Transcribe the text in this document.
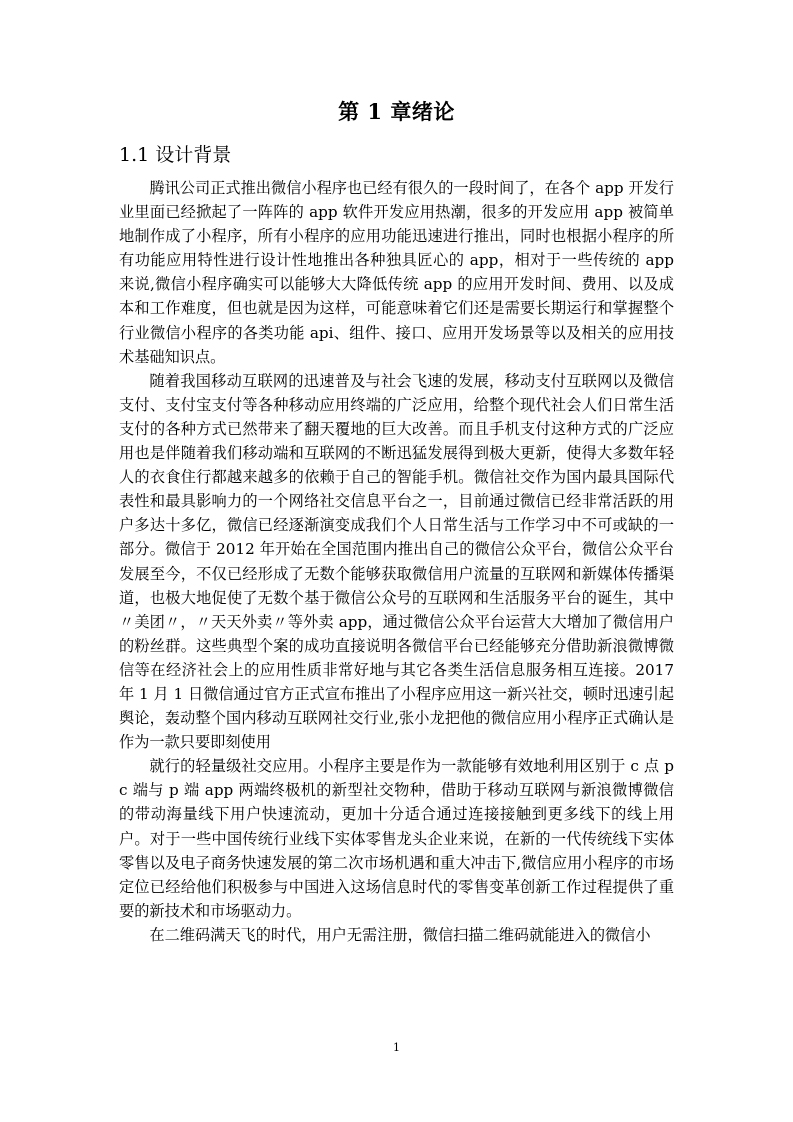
第 1 章绪论
1.1 设计背景

腾讯公司正式推出微信小程序也已经有很久的一段时间了，在各个 app 开发行业里面已经掀起了一阵阵的 app 软件开发应用热潮，很多的开发应用 app 被简单地制作成了小程序，所有小程序的应用功能迅速进行推出，同时也根据小程序的所有功能应用特性进行设计性地推出各种独具匠心的 app，相对于一些传统的 app 来说,微信小程序确实可以能够大大降低传统 app 的应用开发时间、费用、以及成本和工作难度，但也就是因为这样，可能意味着它们还是需要长期运行和掌握整个行业微信小程序的各类功能 api、组件、接口、应用开发场景等以及相关的应用技术基础知识点。

随着我国移动互联网的迅速普及与社会飞速的发展，移动支付互联网以及微信支付、支付宝支付等各种移动应用终端的广泛应用，给整个现代社会人们日常生活支付的各种方式已然带来了翻天覆地的巨大改善。而且手机支付这种方式的广泛应用也是伴随着我们移动端和互联网的不断迅猛发展得到极大更新，使得大多数年轻人的衣食住行都越来越多的依赖于自己的智能手机。微信社交作为国内最具国际代表性和最具影响力的一个网络社交信息平台之一，目前通过微信已经非常活跃的用户多达十多亿，微信已经逐渐演变成我们个人日常生活与工作学习中不可或缺的一部分。微信于 2012 年开始在全国范围内推出自己的微信公众平台，微信公众平台发展至今，不仅已经形成了无数个能够获取微信用户流量的互联网和新媒体传播渠道，也极大地促使了无数个基于微信公众号的互联网和生活服务平台的诞生，其中〃美团〃，〃天天外卖〃等外卖 app，通过微信公众平台运营大大增加了微信用户的粉丝群。这些典型个案的成功直接说明各微信平台已经能够充分借助新浪微博微信等在经济社会上的应用性质非常好地与其它各类生活信息服务相互连接。2017 年 1 月 1 日微信通过官方正式宣布推出了小程序应用这一新兴社交，顿时迅速引起舆论，轰动整个国内移动互联网社交行业,张小龙把他的微信应用小程序正式确认是作为一款只要即刻使用

就行的轻量级社交应用。小程序主要是作为一款能够有效地利用区别于 c 点 pc 端与 p 端 app 两端终极机的新型社交物种，借助于移动互联网与新浪微博微信的带动海量线下用户快速流动，更加十分适合通过连接接触到更多线下的线上用户。对于一些中国传统行业线下实体零售龙头企业来说，在新的一代传统线下实体零售以及电子商务快速发展的第二次市场机遇和重大冲击下,微信应用小程序的市场定位已经给他们积极参与中国进入这场信息时代的零售变革创新工作过程提供了重要的新技术和市场驱动力。

在二维码满天飞的时代，用户无需注册，微信扫描二维码就能进入的微信小

1
